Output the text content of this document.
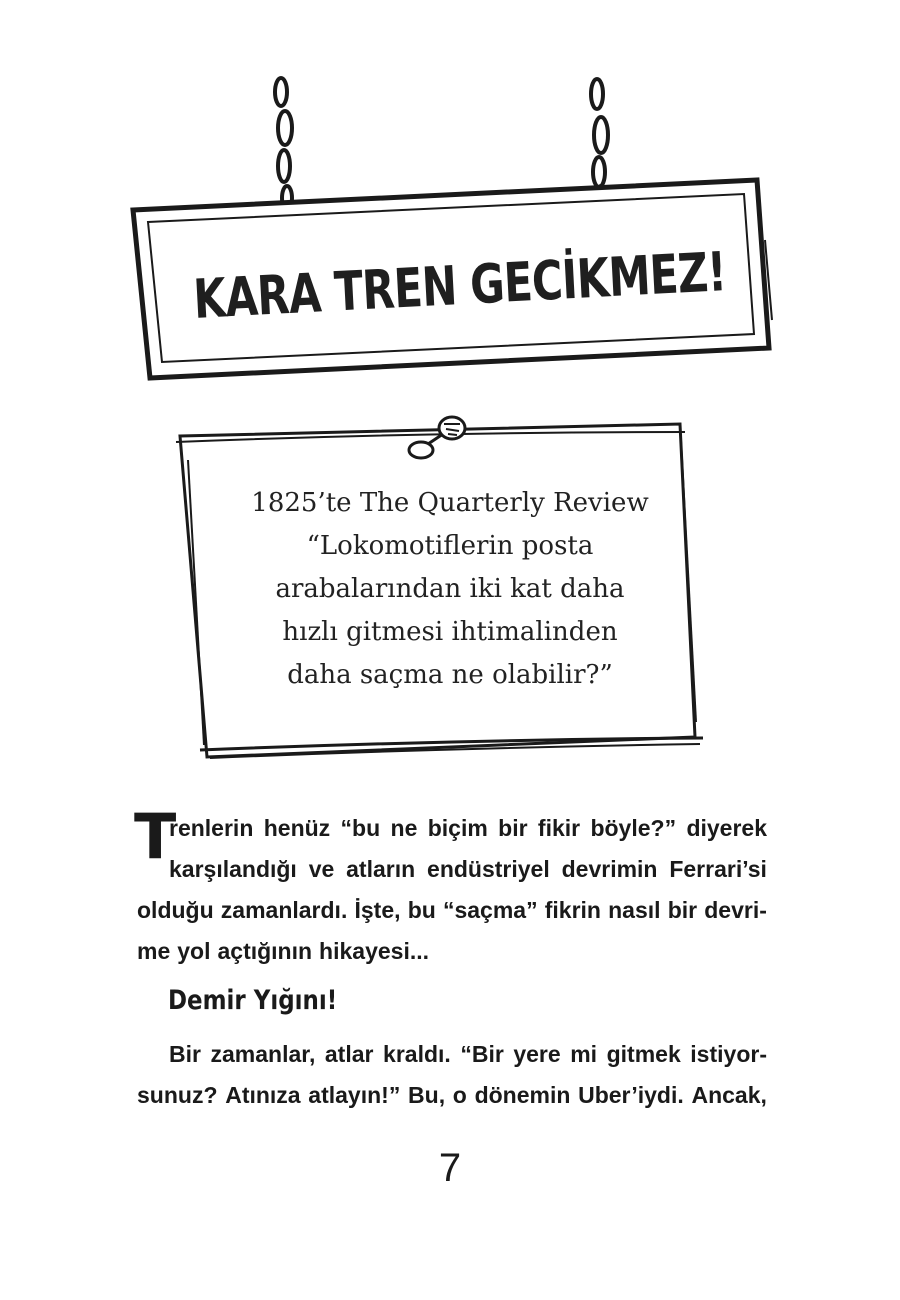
KARA TREN GECİKMEZ!
1825’te The Quarterly Review
“Lokomotiflerin posta
arabalarından iki kat daha
hızlı gitmesi ihtimalinden
daha saçma ne olabilir?”
T
renlerin henüz “bu ne biçim bir fikir böyle?” diyerek
karşılandığı ve atların endüstriyel devrimin Ferrari’si
olduğu zamanlardı. İşte, bu “saçma” fikrin nasıl bir devri-
me yol açtığının hikayesi...
Demir Yığını!
Bir zamanlar, atlar kraldı. “Bir yere mi gitmek istiyor-
sunuz? Atınıza atlayın!” Bu, o dönemin Uber’iydi. Ancak,
7
